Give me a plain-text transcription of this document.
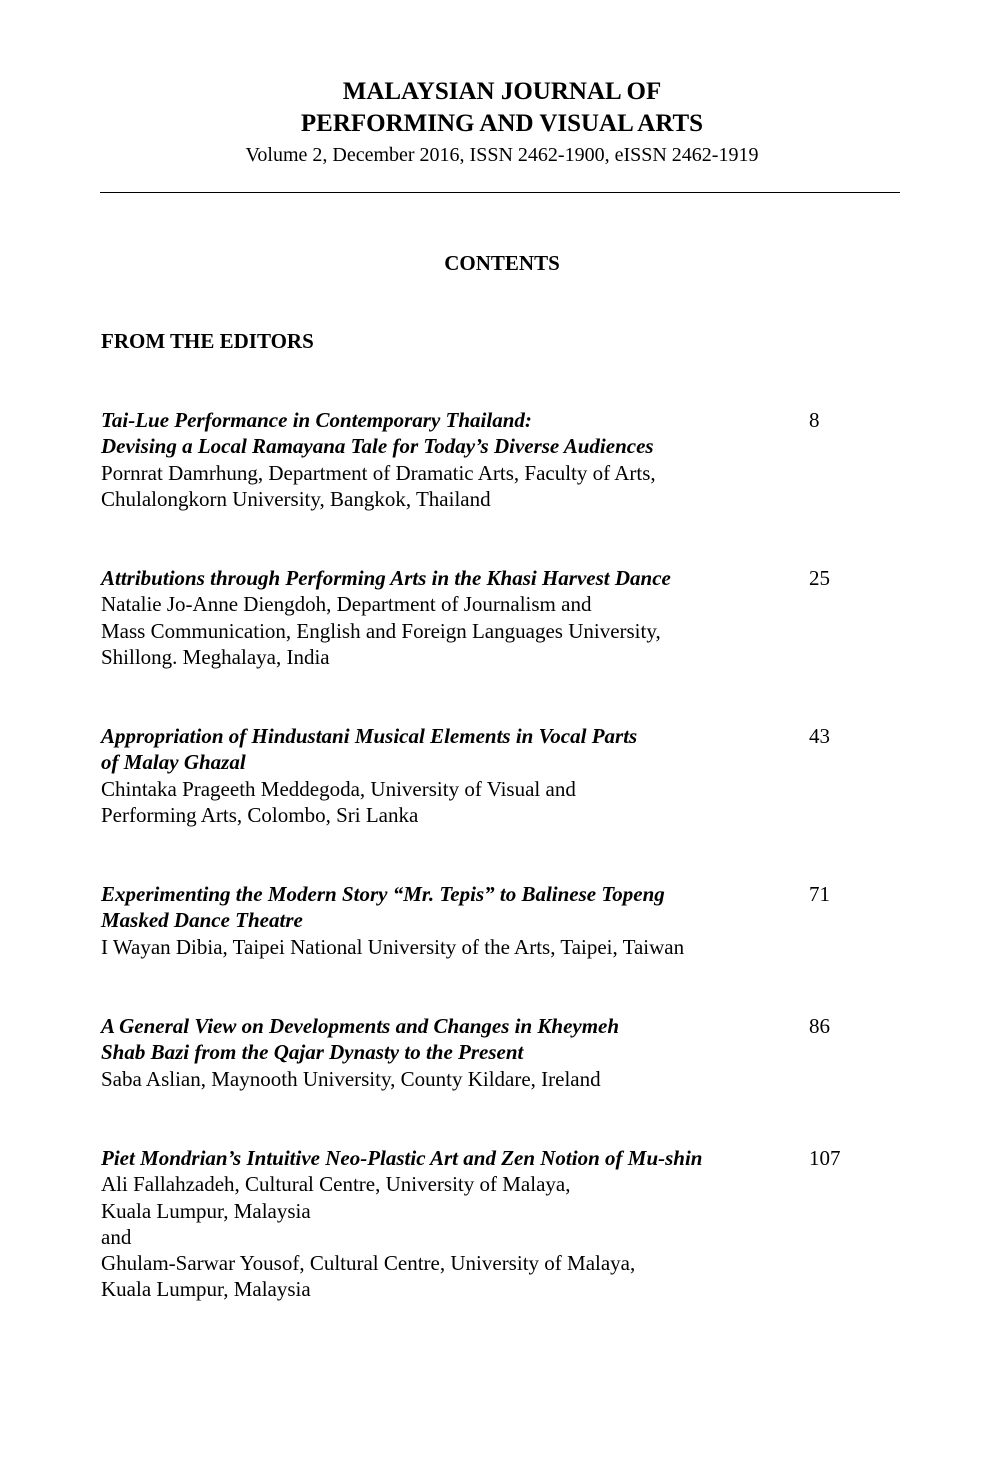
MALAYSIAN JOURNAL OF
PERFORMING AND VISUAL ARTS
Volume 2, December 2016, ISSN 2462-1900, eISSN 2462-1919
CONTENTS
FROM THE EDITORS
Tai-Lue Performance in Contemporary Thailand:
Devising a Local Ramayana Tale for Today’s Diverse Audiences
Pornrat Damrhung, Department of Dramatic Arts, Faculty of Arts,
Chulalongkorn University, Bangkok, Thailand
8
Attributions through Performing Arts in the Khasi Harvest Dance
Natalie Jo-Anne Diengdoh, Department of Journalism and
Mass Communication, English and Foreign Languages University,
Shillong. Meghalaya, India
25
Appropriation of Hindustani Musical Elements in Vocal Parts
of Malay Ghazal
Chintaka Prageeth Meddegoda, University of Visual and
Performing Arts, Colombo, Sri Lanka
43
Experimenting the Modern Story “Mr. Tepis” to Balinese Topeng
Masked Dance Theatre
I Wayan Dibia, Taipei National University of the Arts, Taipei, Taiwan
71
A General View on Developments and Changes in Kheymeh
Shab Bazi from the Qajar Dynasty to the Present
Saba Aslian, Maynooth University, County Kildare, Ireland
86
Piet Mondrian’s Intuitive Neo-Plastic Art and Zen Notion of Mu-shin
Ali Fallahzadeh, Cultural Centre, University of Malaya,
Kuala Lumpur, Malaysia
and
Ghulam-Sarwar Yousof, Cultural Centre, University of Malaya,
Kuala Lumpur, Malaysia
107
